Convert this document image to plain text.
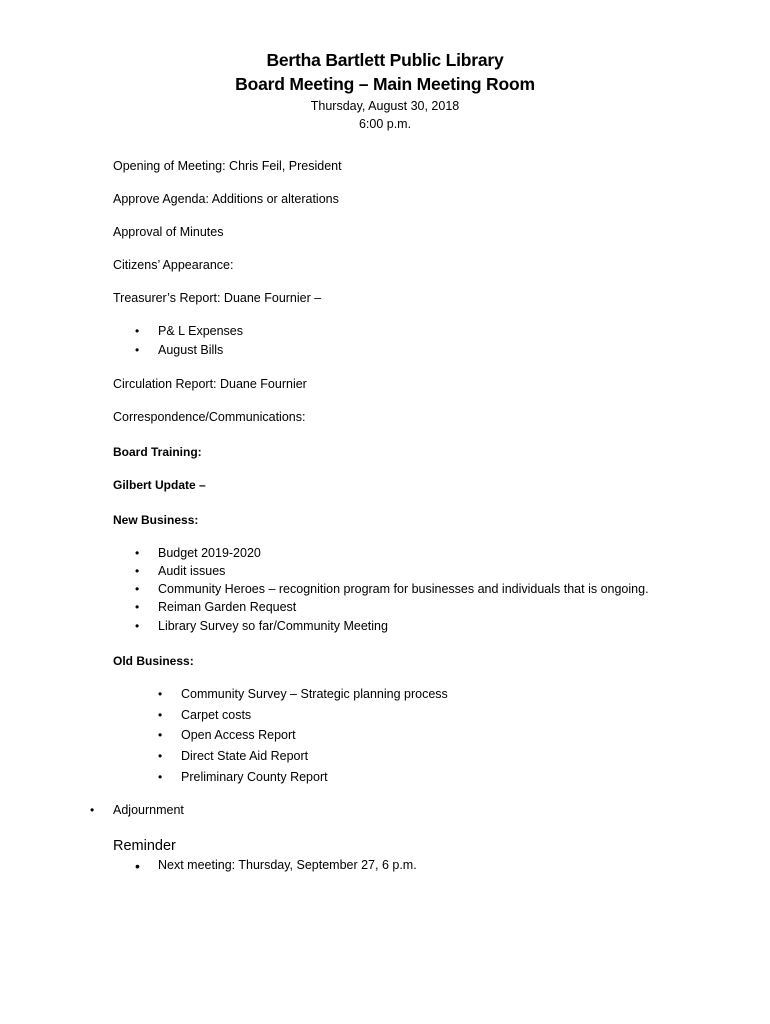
Bertha Bartlett Public Library
Board Meeting – Main Meeting Room
Thursday, August 30, 2018
6:00 p.m.
Opening of Meeting: Chris Feil, President
Approve Agenda: Additions or alterations
Approval of Minutes
Citizens’ Appearance:
Treasurer’s Report: Duane Fournier –
• P& L Expenses
• August Bills
Circulation Report: Duane Fournier
Correspondence/Communications:
Board Training:
Gilbert Update –
New Business:
• Budget 2019-2020
• Audit issues
• Community Heroes – recognition program for businesses and individuals that is ongoing.
• Reiman Garden Request
• Library Survey so far/Community Meeting
Old Business:
• Community Survey – Strategic planning process
• Carpet costs
• Open Access Report
• Direct State Aid Report
• Preliminary County Report
• Adjournment
Reminder
• Next meeting: Thursday, September 27, 6 p.m.
